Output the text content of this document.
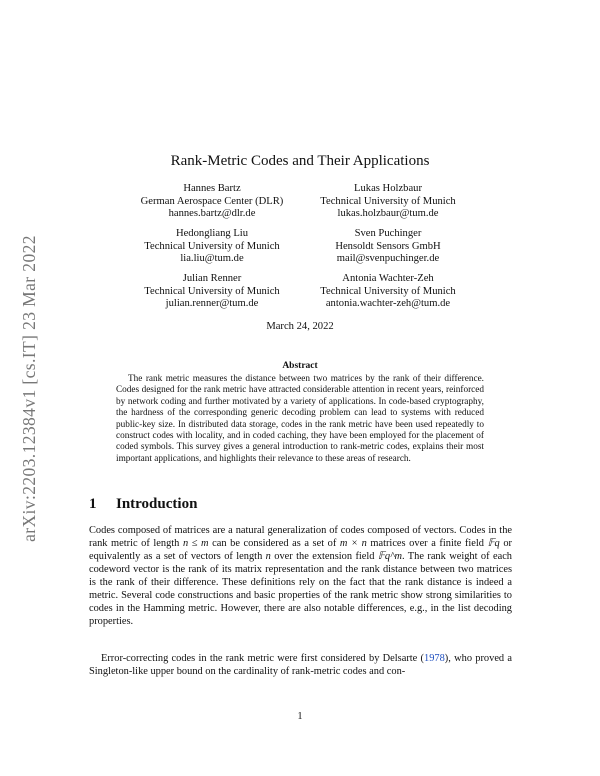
arXiv:2203.12384v1 [cs.IT] 23 Mar 2022
Rank-Metric Codes and Their Applications
Hannes Bartz
German Aerospace Center (DLR)
hannes.bartz@dlr.de
Lukas Holzbaur
Technical University of Munich
lukas.holzbaur@tum.de
Hedongliang Liu
Technical University of Munich
lia.liu@tum.de
Sven Puchinger
Hensoldt Sensors GmbH
mail@svenpuchinger.de
Julian Renner
Technical University of Munich
julian.renner@tum.de
Antonia Wachter-Zeh
Technical University of Munich
antonia.wachter-zeh@tum.de
March 24, 2022
Abstract
The rank metric measures the distance between two matrices by the rank of their difference. Codes designed for the rank metric have attracted considerable attention in recent years, reinforced by network coding and further motivated by a variety of applications. In code-based cryptography, the hardness of the corresponding generic decoding problem can lead to systems with reduced public-key size. In distributed data storage, codes in the rank metric have been used repeatedly to construct codes with locality, and in coded caching, they have been employed for the placement of coded symbols. This survey gives a general introduction to rank-metric codes, explains their most important applications, and highlights their relevance to these areas of research.
1 Introduction
Codes composed of matrices are a natural generalization of codes composed of vectors. Codes in the rank metric of length n ≤ m can be considered as a set of m × n matrices over a finite field 𝔽q or equivalently as a set of vectors of length n over the extension field 𝔽q^m. The rank weight of each codeword vector is the rank of its matrix representation and the rank distance between two matrices is the rank of their difference. These definitions rely on the fact that the rank distance is indeed a metric. Several code constructions and basic properties of the rank metric show strong similarities to codes in the Hamming metric. However, there are also notable differences, e.g., in the list decoding properties.
Error-correcting codes in the rank metric were first considered by Delsarte (1978), who proved a Singleton-like upper bound on the cardinality of rank-metric codes and con-
1
